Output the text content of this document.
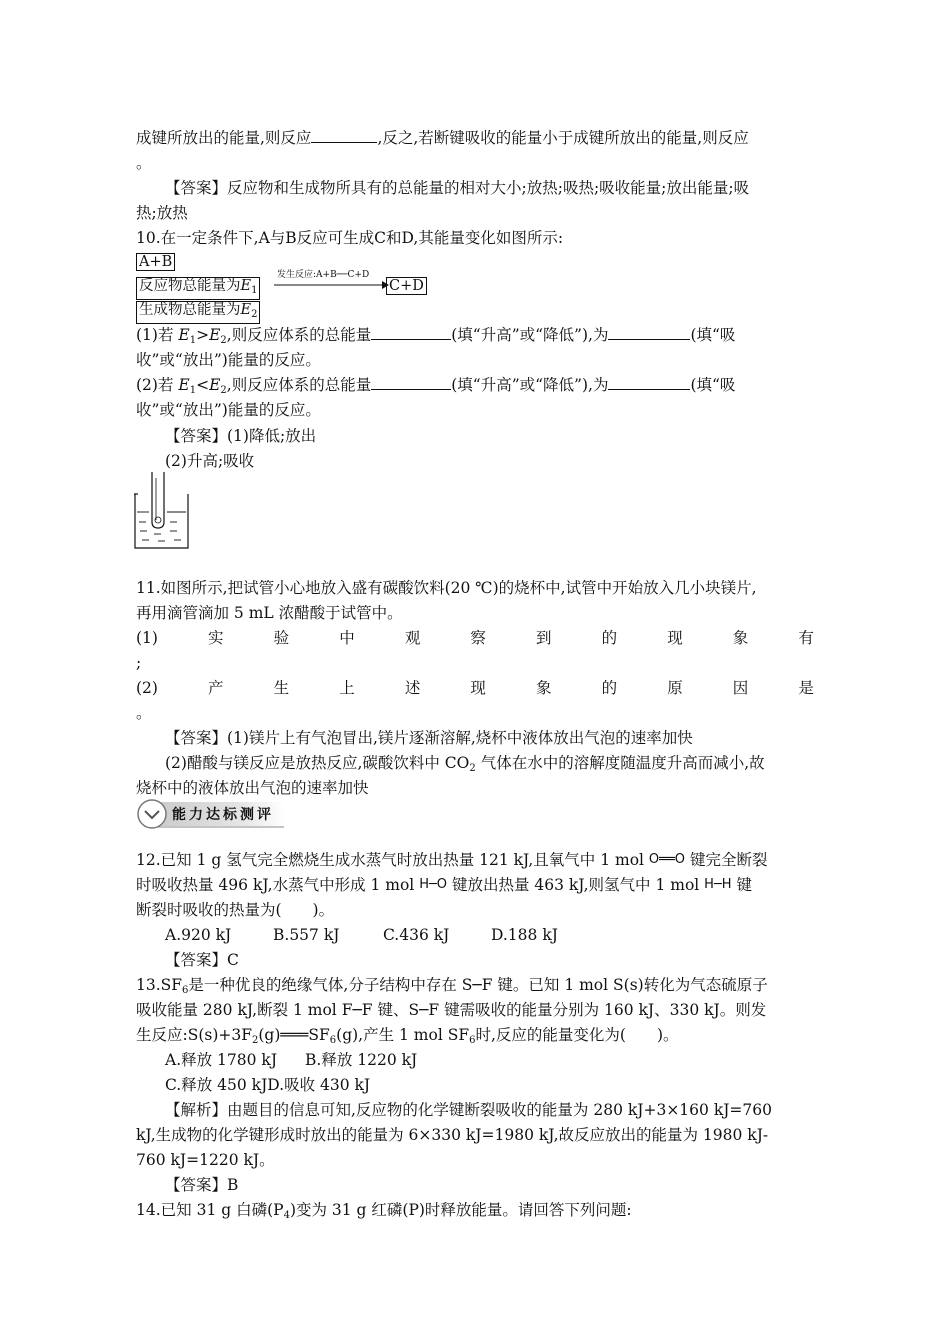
成键所放出的能量,则反应	,反之,若断键吸收的能量小于成键所放出的能量,则反应
。
【答案】反应物和生成物所具有的总能量的相对大小;放热;吸热;吸收能量;放出能量;吸
热;放热
10.在一定条件下,A与B反应可生成C和D,其能量变化如图所示:
A+B
反应物总能量为$E_1$
发生反应:A+B──C+D
C+D
生成物总能量为$E_2$
(1)若 $E_1>E_2$,则反应体系的总能量	(填“升高”或“降低”),为	(填“吸
收”或“放出”)能量的反应。
(2)若 $E_1<E_2$,则反应体系的总能量	(填“升高”或“降低”),为	(填“吸
收”或“放出”)能量的反应。
【答案】(1)降低;放出
(2)升高;吸收
11.如图所示,把试管小心地放入盛有碳酸饮料(20 ℃)的烧杯中,试管中开始放入几小块镁片,
再用滴管滴加 5 mL 浓醋酸于试管中。
(1)	实	验	中	观	察	到	的	现	象	有
;
(2)	产	生	上	述	现	象	的	原	因	是
。
【答案】(1)镁片上有气泡冒出,镁片逐渐溶解,烧杯中液体放出气泡的速率加快
(2)醋酸与镁反应是放热反应,碳酸饮料中 $CO_2$ 气体在水中的溶解度随温度升高而减小,故
烧杯中的液体放出气泡的速率加快
能力达标测评
12.已知 1 g 氢气完全燃烧生成水蒸气时放出热量 121 kJ,且氧气中 1 mol O══O 键完全断裂
时吸收热量 496 kJ,水蒸气中形成 1 mol H─O 键放出热量 463 kJ,则氢气中 1 mol H─H 键
断裂时吸收的热量为(　　)。
A.920 kJ	B.557 kJ	C.436 kJ	D.188 kJ
【答案】C
$13.SF_6$是一种优良的绝缘气体,分子结构中存在 S─F 键。已知 1 mol S(s)转化为气态硫原子
吸收能量 280 kJ,断裂 1 mol F─F 键、S─F 键需吸收的能量分别为 160 kJ、330 kJ。则发
生反应$:S(s)+3F_2(g)═══SF_6(g)$,产生 1 mol $SF_6$时,反应的能量变化为(　　)。
A.释放 1780 kJ B.释放 1220 kJ
C.释放 450 kJD.吸收 430 kJ
【解析】由题目的信息可知,反应物的化学键断裂吸收的能量为 280 kJ+3×160 kJ=760
kJ,生成物的化学键形成时放出的能量为 6×330 kJ=1980 kJ,故反应放出的能量为 1980 kJ-
760 kJ=1220 kJ。
【答案】B
14.已知 31 g 白磷$(P_4)$变为 31 g 红磷(P)时释放能量。请回答下列问题:
